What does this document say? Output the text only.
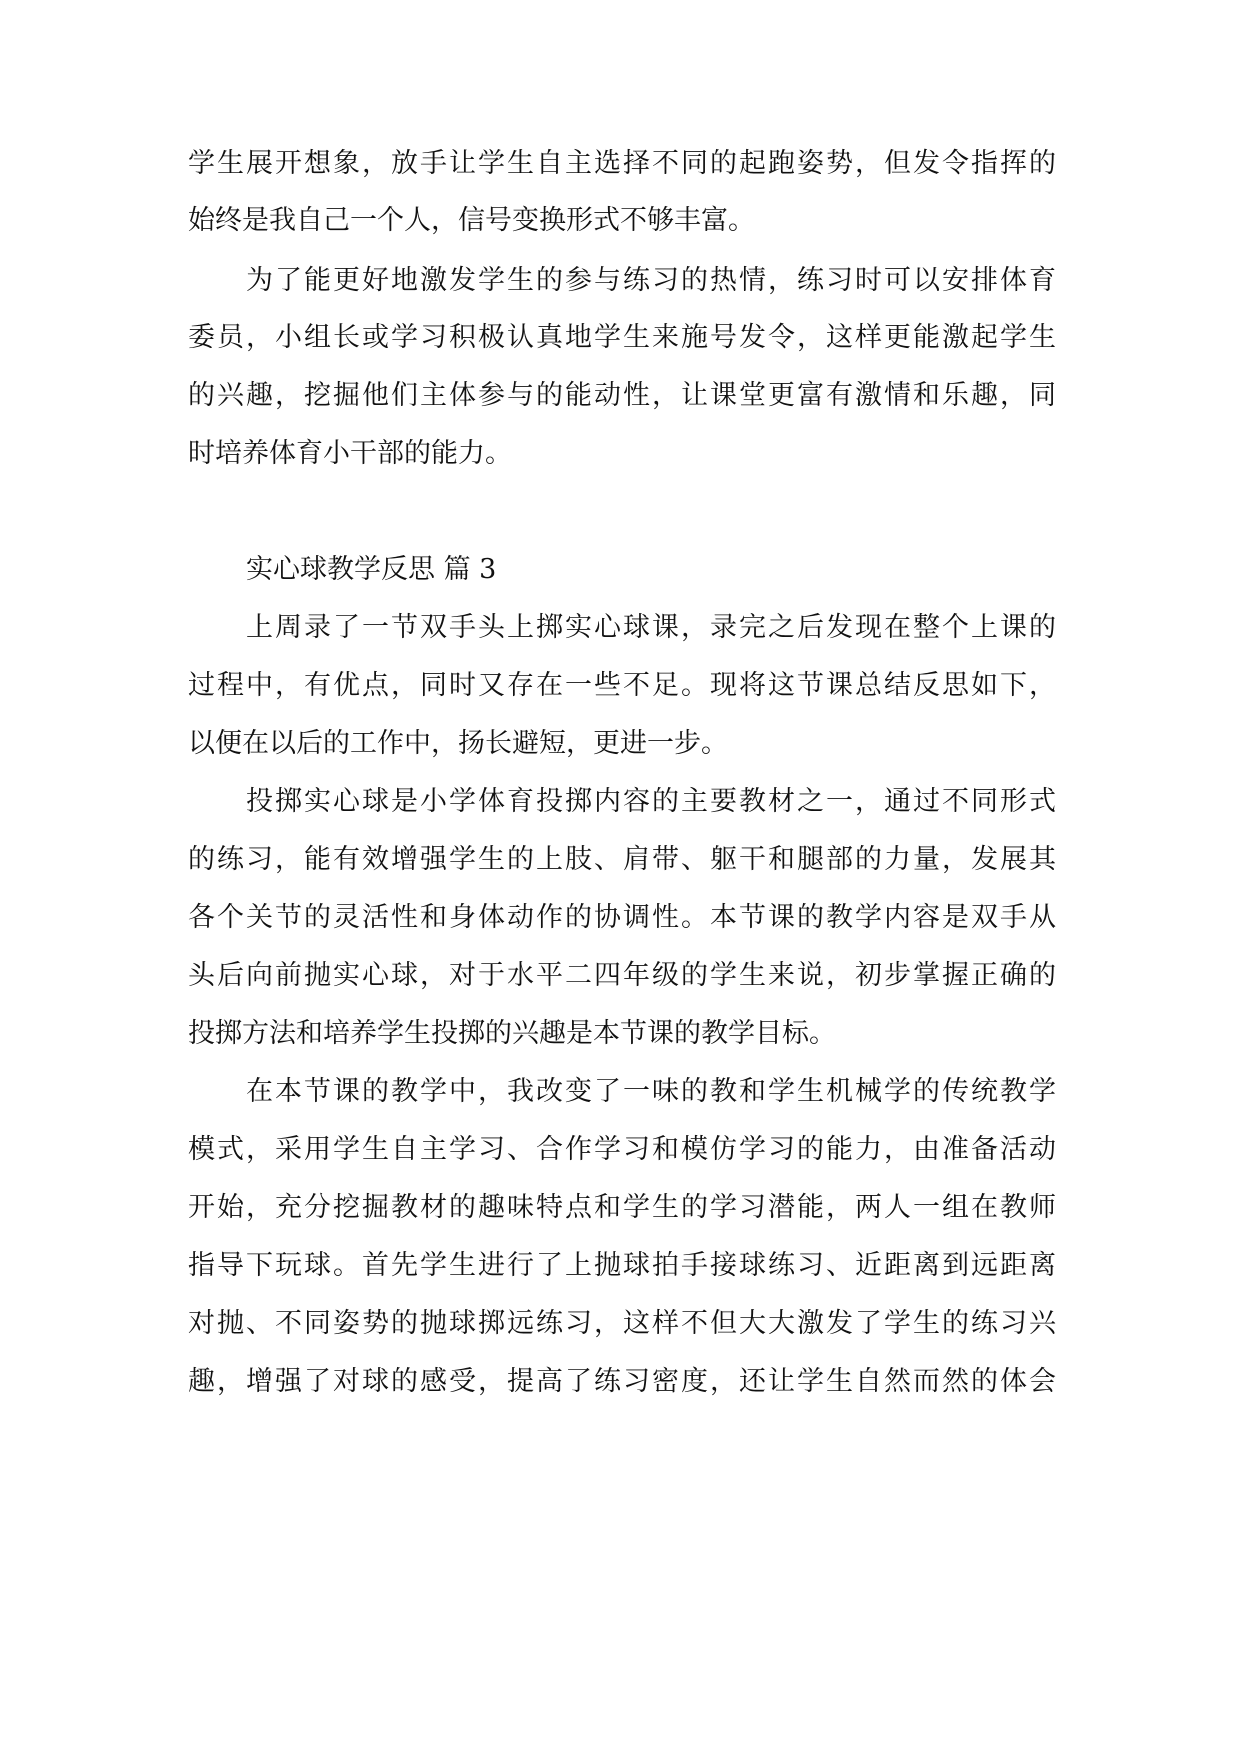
学生展开想象，放手让学生自主选择不同的起跑姿势，但发令指挥的
始终是我自己一个人，信号变换形式不够丰富。
为了能更好地激发学生的参与练习的热情，练习时可以安排体育
委员，小组长或学习积极认真地学生来施号发令，这样更能激起学生
的兴趣，挖掘他们主体参与的能动性，让课堂更富有激情和乐趣，同
时培养体育小干部的能力。
实心球教学反思 篇 3
上周录了一节双手头上掷实心球课，录完之后发现在整个上课的
过程中，有优点，同时又存在一些不足。现将这节课总结反思如下，
以便在以后的工作中，扬长避短，更进一步。
投掷实心球是小学体育投掷内容的主要教材之一，通过不同形式
的练习，能有效增强学生的上肢、肩带、躯干和腿部的力量，发展其
各个关节的灵活性和身体动作的协调性。本节课的教学内容是双手从
头后向前抛实心球，对于水平二四年级的学生来说，初步掌握正确的
投掷方法和培养学生投掷的兴趣是本节课的教学目标。
在本节课的教学中，我改变了一味的教和学生机械学的传统教学
模式，采用学生自主学习、合作学习和模仿学习的能力，由准备活动
开始，充分挖掘教材的趣味特点和学生的学习潜能，两人一组在教师
指导下玩球。首先学生进行了上抛球拍手接球练习、近距离到远距离
对抛、不同姿势的抛球掷远练习，这样不但大大激发了学生的练习兴
趣，增强了对球的感受，提高了练习密度，还让学生自然而然的体会
